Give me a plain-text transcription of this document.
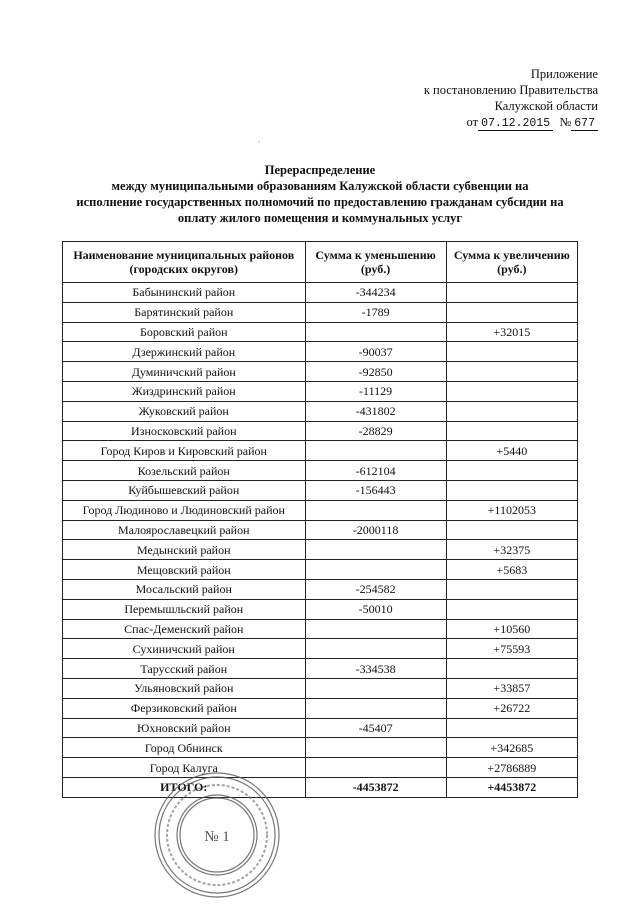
Приложение
к постановлению Правительства
Калужской области
от 07.12.2015 № 677
ˋ
Перераспределение
между муниципальными образованиям Калужской области субвенции на
исполнение государственных полномочий по предоставлению гражданам субсидии на
оплату жилого помещения и коммунальных услуг
Наименование муниципальных районов (городских округов)	Сумма к уменьшению (руб.)	Сумма к увеличению (руб.)
Бабынинский район	-344234	
Барятинский район	-1789	
Боровский район		+32015
Дзержинский район	-90037	
Думиничский район	-92850	
Жиздринский район	-11129	
Жуковский район	-431802	
Износковский район	-28829	
Город Киров и Кировский район		+5440
Козельский район	-612104	
Куйбышевский район	-156443	
Город Людиново и Людиновский район		+1102053
Малоярославецкий район	-2000118	
Медынский район		+32375
Мещовский район		+5683
Мосальский район	-254582	
Перемышльский район	-50010	
Спас-Деменский район		+10560
Сухиничский район		+75593
Тарусский район	-334538	
Ульяновский район		+33857
Ферзиковский район		+26722
Юхновский район	-45407	
Город Обнинск		+342685
Город Калуга		+2786889
ИТОГО:	-4453872	+4453872
№ 1
